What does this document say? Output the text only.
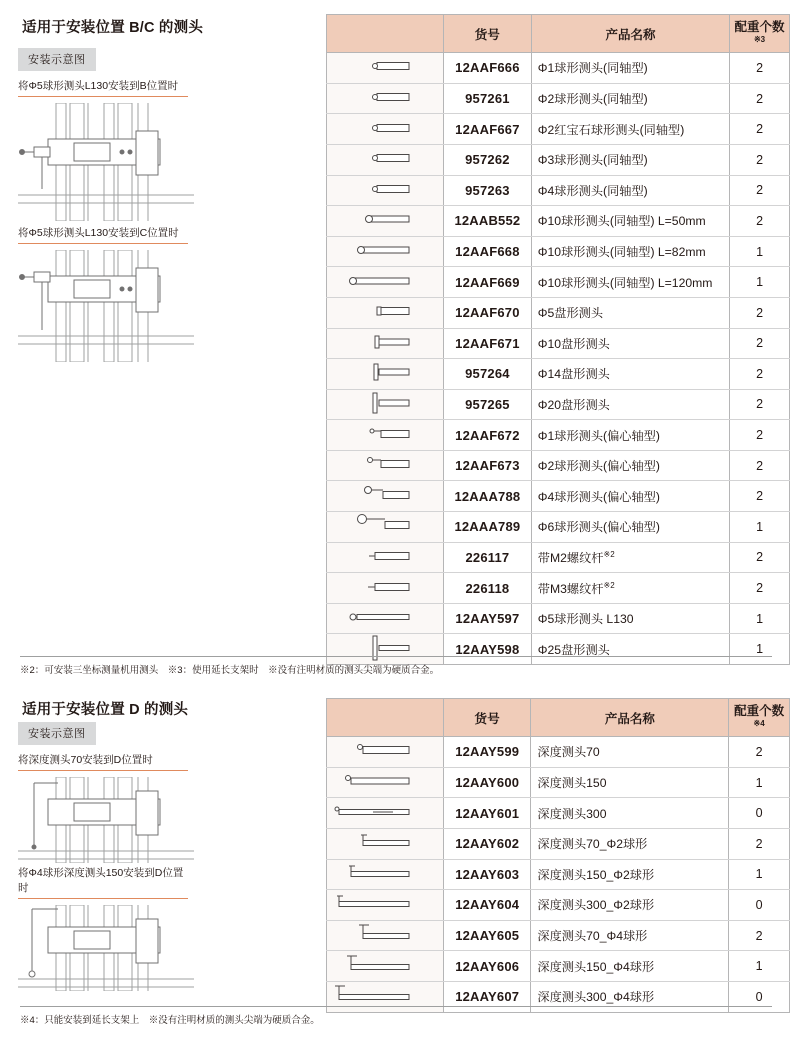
适用于安装位置 B/C 的测头
安装示意图
将Φ5球形测头L130安装到B位置时
将Φ5球形测头L130安装到C位置时
	货号	产品名称	配重个数$^{※3}$
	12AAF666	Φ1球形测头(同轴型)	2
	957261	Φ2球形测头(同轴型)	2
	12AAF667	Φ2红宝石球形测头(同轴型)	2
	957262	Φ3球形测头(同轴型)	2
	957263	Φ4球形测头(同轴型)	2
	12AAB552	Φ10球形测头(同轴型) L=50mm	2
	12AAF668	Φ10球形测头(同轴型) L=82mm	1
	12AAF669	Φ10球形测头(同轴型) L=120mm	1
	12AAF670	Φ5盘形测头	2
	12AAF671	Φ10盘形测头	2
	957264	Φ14盘形测头	2
	957265	Φ20盘形测头	2
	12AAF672	Φ1球形测头(偏心轴型)	2
	12AAF673	Φ2球形测头(偏心轴型)	2
	12AAA788	Φ4球形测头(偏心轴型)	2
	12AAA789	Φ6球形测头(偏心轴型)	1
	226117	带M2螺纹杆$^{※2}$	2
	226118	带M3螺纹杆$^{※2}$	2
	12AAY597	Φ5球形测头 L130	1
	12AAY598	Φ25盘形测头	1
※2：可安装三坐标测量机用测头　※3：使用延长支架时　※没有注明材质的测头尖端为硬质合金。
适用于安装位置 D 的测头
安装示意图
将深度测头70安装到D位置时
将Φ4球形深度测头150安装到D位置时
	货号	产品名称	配重个数$^{※4}$
	12AAY599	深度测头70	2
	12AAY600	深度测头150	1
	12AAY601	深度测头300	0
	12AAY602	深度测头70_Φ2球形	2
	12AAY603	深度测头150_Φ2球形	1
	12AAY604	深度测头300_Φ2球形	0
	12AAY605	深度测头70_Φ4球形	2
	12AAY606	深度测头150_Φ4球形	1
	12AAY607	深度测头300_Φ4球形	0
※4：只能安装到延长支架上　※没有注明材质的测头尖端为硬质合金。
